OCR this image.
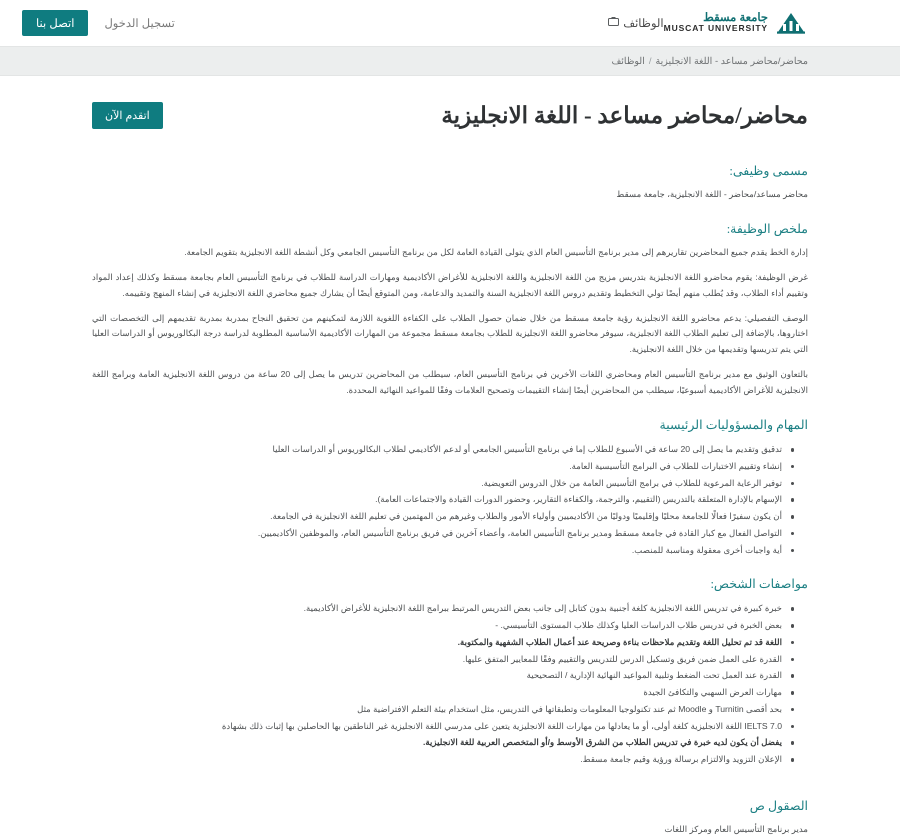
جامعة مسقط
MUSCAT UNIVERSITY
الوظائف
تسجيل الدخول
اتصل بنا
محاضر/محاضر مساعد - اللغة الانجليزية
/
الوظائف
محاضر/محاضر مساعد - اللغة الانجليزية
اتقدم الآن
مسمى وظيفى:

محاضر مساعد/محاضر - اللغة الانجليزية، جامعة مسقط

ملخص الوظيفة:

إدارة الخط يقدم جميع المحاضرين تقاريرهم إلى مدير برنامج التأسيس العام الذي يتولى القيادة العامة لكل من برنامج التأسيس الجامعي وكل أنشطة اللغة الانجليزية بتقويم الجامعة.

غرض الوظيفة: يقوم محاضرو اللغة الانجليزية بتدريس مزيج من اللغة الانجليزية واللغة الانجليزية للأغراض الأكاديمية ومهارات الدراسة للطلاب في برنامج التأسيس العام بجامعة مسقط وكذلك إعداد المواد وتقييم أداء الطلاب، وقد يُطلب منهم أيضًا تولي التخطيط وتقديم دروس اللغة الانجليزية السنة والتمديد والدعامة، ومن المتوقع أيضًا أن يشارك جميع محاضري اللغة الانجليزية في إنشاء المنهج وتقييمه.

الوصف التفصيلي: يدعم محاضرو اللغة الانجليزية رؤية جامعة مسقط من خلال ضمان حصول الطلاب على الكفاءة اللغوية اللازمة لتمكينهم من تحقيق النجاح بمدربة بمدربة تقديمهم إلى التخصصات التي اختاروها، بالإضافة إلى تعليم الطلاب اللغة الانجليزية، سيوفر محاضرو اللغة الانجليزية للطلاب بجامعة مسقط مجموعة من المهارات الأكاديمية الأساسية المطلوبة لدراسة درجة البكالوريوس أو الدراسات العليا التي يتم تدريسها وتقديمها من خلال اللغة الانجليزية.

بالتعاون الوثيق مع مدير برنامج التأسيس العام ومحاضري اللغات الأخرين في برنامج التأسيس العام، سيطلب من المحاضرين تدريس ما يصل إلى 20 ساعة من دروس اللغة الانجليزية العامة وبرامج اللغة الانجليزية للأغراض الأكاديمية أسبوعيًا، سيطلب من المحاضرين أيضًا إنشاء التقييمات وتصحيح العلامات وفقًا للمواعيد النهائية المحددة.

المهام والمسؤوليات الرئيسية
تدقيق وتقديم ما يصل إلى 20 ساعة في الأسبوع للطلاب إما في برنامج التأسيس الجامعي أو لدعم الأكاديمي لطلاب البكالوريوس أو الدراسات العليا
إنشاء وتقييم الاختبارات للطلاب في البرامج التأسيسية العامة.
توفير الرعاية المرعوية للطلاب في برامج التأسيس العامة من خلال الدروس التعويضية.
الإسهام بالإدارة المتعلقة بالتدريس (التقييم، والترجمة، والكفاءة التقارير، وحضور الدورات القيادة والاجتماعات العامة).
أن يكون سفيرًا فعالًا للجامعة محليًا وإقليميًا ودوليًا من الأكاديميين وأولياء الأمور والطلاب وغيرهم من المهتمين في تعليم اللغة الانجليزية في الجامعة.
التواصل الفعال مع كبار القادة في جامعة مسقط ومدير برنامج التأسيس العامة، وأعضاء آخرين في فريق برنامج التأسيس العام، والموظفين الأكاديميين.
أية واجبات أخرى معقولة ومناسبة للمنصب.
مواصفات الشخص:
خبرة كبيرة في تدريس اللغة الانجليزية كلغة أجنبية بدون كتابل إلى جانب بعض التدريس المرتبط ببرامج اللغة الانجليزية للأغراض الأكاديمية.
بعض الخبرة في تدريس طلاب الدراسات العليا وكذلك طلاب المستوى التأسيسي. -
اللغة قد تم تحليل اللغة وتقديم ملاحظات بناءة وصريحة عند أعمال الطلاب الشفهية والمكتوبة.
القدرة على العمل ضمن فريق وتسكيل الدرس للتدريس والتقييم وفقًا للمعايير المتفق عليها.
القدرة عند العمل تحت الضغط وتلبية المواعيد النهائية الإدارية / التصحيحية
مهارات العرض السهبي والتكافئ الجيدة
بحد أقصى Turnitin و Moodle ثم عند تكنولوجيا المعلومات وتطبقاتها في التدريس، مثل استخدام بيئة التعلم الافتراضية مثل
IELTS 7.0 اللغة الانجليزية كلغة أولى، أو ما يعادلها من مهارات اللغة الانجليزية يتعين على مدرسي اللغة الانجليزية غير الناطقين بها الحاصلين بها إثبات ذلك بشهادة
يفضل أن يكون لديه خبرة في تدريس الطلاب من الشرق الأوسط و/أو المتخصص العربية للغة الانجليزية.
الإعلان التزويد والالتزام برسالة ورؤية وقيم جامعة مسقط.
الصقول ص

مدير برنامج التأسيس العام ومركز اللغات
